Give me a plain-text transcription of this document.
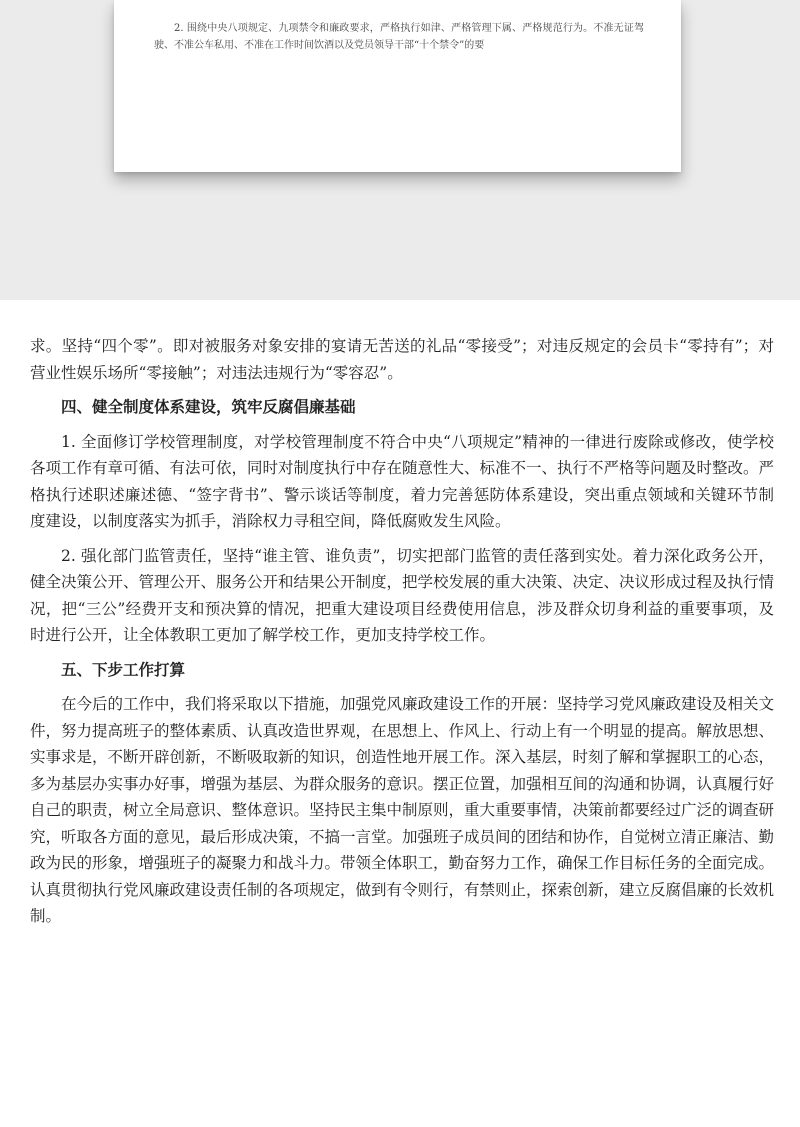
2. 围绕中央八项规定、九项禁令和廉政要求，严格执行如津、严格管理下属、严格规范行为。不准无证驾驶、不准公车私用、不准在工作时间饮酒以及党员领导干部“十个禁令”的要

求。坚持“四个零”。即对被服务对象安排的宴请无苦送的礼品“零接受”；对违反规定的会员卡“零持有”；对营业性娱乐场所“零接触”；对违法违规行为“零容忍”。

四、健全制度体系建设，筑牢反腐倡廉基础

1. 全面修订学校管理制度，对学校管理制度不符合中央“八项规定”精神的一律进行废除或修改，使学校各项工作有章可循、有法可依，同时对制度执行中存在随意性大、标准不一、执行不严格等问题及时整改。严格执行述职述廉述德、“签字背书”、警示谈话等制度，着力完善惩防体系建设，突出重点领域和关键环节制度建设，以制度落实为抓手，消除权力寻租空间，降低腐败发生风险。

2. 强化部门监管责任，坚持“谁主管、谁负责”，切实把部门监管的责任落到实处。着力深化政务公开，健全决策公开、管理公开、服务公开和结果公开制度，把学校发展的重大决策、决定、决议形成过程及执行情况，把“三公”经费开支和预决算的情况，把重大建设项目经费使用信息，涉及群众切身利益的重要事项，及时进行公开，让全体教职工更加了解学校工作，更加支持学校工作。

五、下步工作打算

在今后的工作中，我们将采取以下措施，加强党风廉政建设工作的开展：坚持学习党风廉政建设及相关文件，努力提高班子的整体素质、认真改造世界观，在思想上、作风上、行动上有一个明显的提高。解放思想、实事求是，不断开辟创新，不断吸取新的知识，创造性地开展工作。深入基层，时刻了解和掌握职工的心态，多为基层办实事办好事，增强为基层、为群众服务的意识。摆正位置，加强相互间的沟通和协调，认真履行好自己的职责，树立全局意识、整体意识。坚持民主集中制原则，重大重要事情，决策前都要经过广泛的调查研究，听取各方面的意见，最后形成决策，不搞一言堂。加强班子成员间的团结和协作，自觉树立清正廉洁、勤政为民的形象，增强班子的凝聚力和战斗力。带领全体职工，勤奋努力工作，确保工作目标任务的全面完成。认真贯彻执行党风廉政建设责任制的各项规定，做到有令则行，有禁则止，探索创新，建立反腐倡廉的长效机制。
